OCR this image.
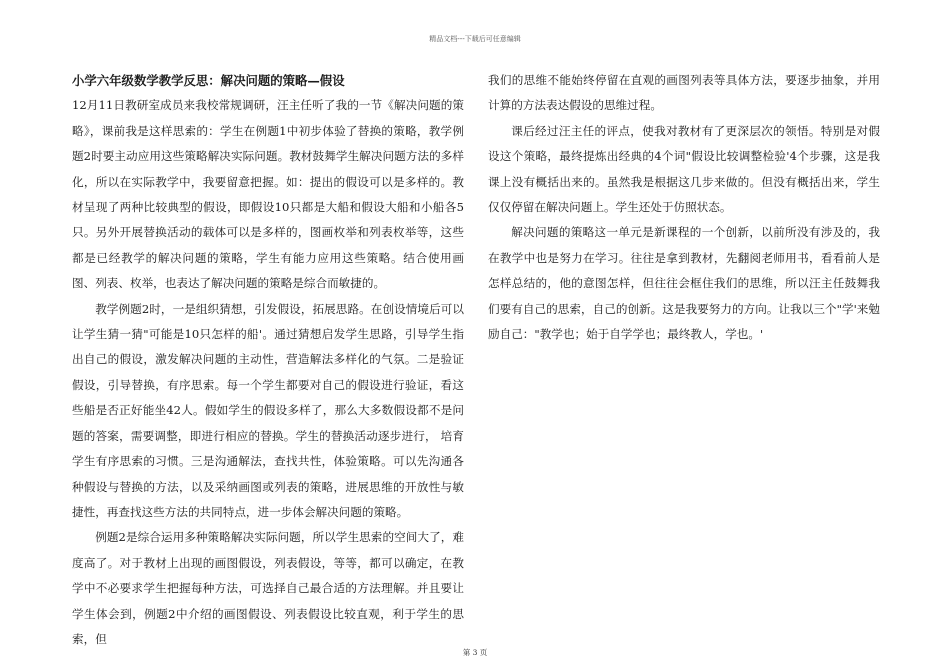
精品文档---下载后可任意编辑
小学六年级数学教学反思：解决问题的策略—假设

12月11日教研室成员来我校常规调研，汪主任听了我的一节《解决问题的策略》，课前我是这样思索的：学生在例题1中初步体验了替换的策略，教学例题2时要主动应用这些策略解决实际问题。教材鼓舞学生解决问题方法的多样化，所以在实际教学中，我要留意把握。如：提出的假设可以是多样的。教材呈现了两种比较典型的假设，即假设10只都是大船和假设大船和小船各5只。另外开展替换活动的载体可以是多样的，图画枚举和列表枚举等，这些都是已经教学的解决问题的策略，学生有能力应用这些策略。结合使用画图、列表、枚举，也表达了解决问题的策略是综合而敏捷的。

教学例题2时，一是组织猜想，引发假设，拓展思路。在创设情境后可以让学生猜一猜"可能是10只怎样的船'。通过猜想启发学生思路，引导学生指出自己的假设，激发解决问题的主动性，营造解法多样化的气氛。二是验证假设，引导替换，有序思索。每一个学生都要对自己的假设进行验证，看这些船是否正好能坐42人。假如学生的假设多样了，那么大多数假设都不是问题的答案，需要调整，即进行相应的替换。学生的替换活动逐步进行， 培育学生有序思索的习惯。三是沟通解法，查找共性，体验策略。可以先沟通各种假设与替换的方法，以及采纳画图或列表的策略，进展思维的开放性与敏捷性，再查找这些方法的共同特点，进一步体会解决问题的策略。

例题2是综合运用多种策略解决实际问题，所以学生思索的空间大了，难度高了。对于教材上出现的画图假设，列表假设，等等，都可以确定，在教学中不必要求学生把握每种方法，可选择自己最合适的方法理解。并且要让学生体会到，例题2中介绍的画图假设、列表假设比较直观，利于学生的思索，但

我们的思维不能始终停留在直观的画图列表等具体方法，要逐步抽象，并用计算的方法表达假设的思维过程。

课后经过汪主任的评点，使我对教材有了更深层次的领悟。特别是对假设这个策略，最终提炼出经典的4个词"假设比较调整检验'4个步骤，这是我课上没有概括出来的。虽然我是根据这几步来做的。但没有概括出来，学生仅仅停留在解决问题上。学生还处于仿照状态。

解决问题的策略这一单元是新课程的一个创新，以前所没有涉及的，我在教学中也是努力在学习。往往是拿到教材，先翻阅老师用书，看看前人是怎样总结的，他的意图怎样，但往往会框住我们的思维，所以汪主任鼓舞我们要有自己的思索，自己的创新。这是我要努力的方向。让我以三个"学'来勉励自己："教学也；始于自学学也；最终教人，学也。'

第 3 页
